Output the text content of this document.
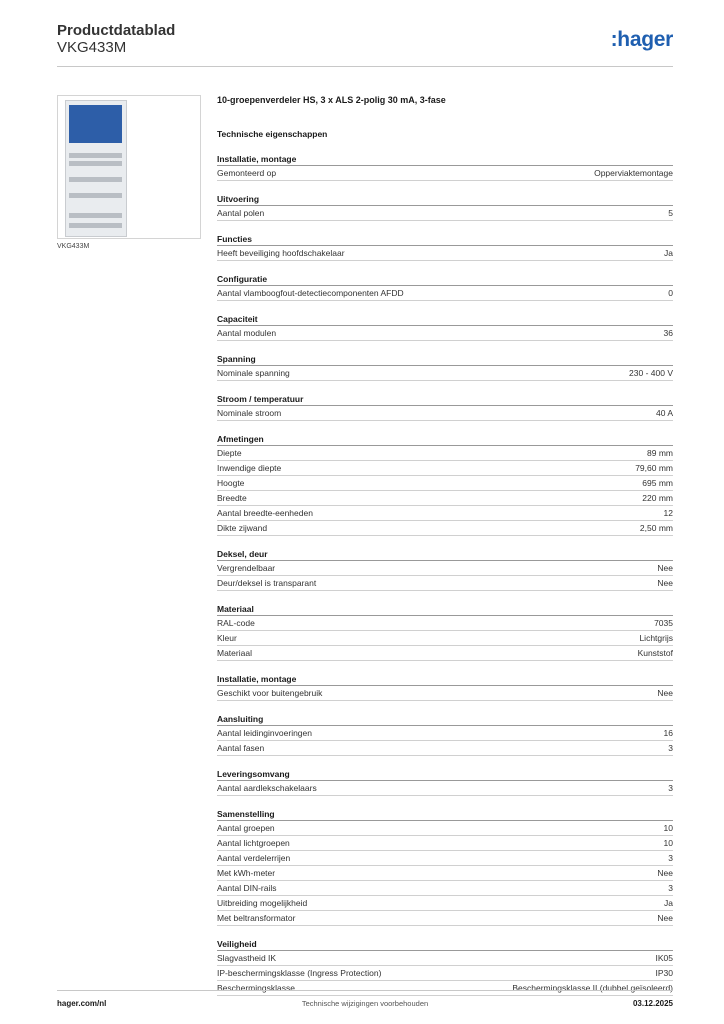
Productdatablad
VKG433M	:hager
VKG433M
10-groepenverdeler HS, 3 x ALS 2-polig 30 mA, 3-fase
Technische eigenschappen
Installatie, montage
Gemonteerd op	Opperviaktemontage
Uitvoering
Aantal polen	5
Functies
Heeft beveiliging hoofdschakelaar	Ja
Configuratie
Aantal vlamboogfout-detectiecomponenten AFDD	0
Capaciteit
Aantal modulen	36
Spanning
Nominale spanning	230 - 400 V
Stroom / temperatuur
Nominale stroom	40 A
Afmetingen
Diepte	89 mm
Inwendige diepte	79,60 mm
Hoogte	695 mm
Breedte	220 mm
Aantal breedte-eenheden	12
Dikte zijwand	2,50 mm
Deksel, deur
Vergrendelbaar	Nee
Deur/deksel is transparant	Nee
Materiaal
RAL-code	7035
Kleur	Lichtgrijs
Materiaal	Kunststof
Installatie, montage
Geschikt voor buitengebruik	Nee
Aansluiting
Aantal leidinginvoeringen	16
Aantal fasen	3
Leveringsomvang
Aantal aardlekschakelaars	3
Samenstelling
Aantal groepen	10
Aantal lichtgroepen	10
Aantal verdelerrijen	3
Met kWh-meter	Nee
Aantal DIN-rails	3
Uitbreiding mogelijkheid	Ja
Met beltransformator	Nee
Veiligheid
Slagvastheid IK	IK05
IP-beschermingsklasse (Ingress Protection)	IP30
Beschermingsklasse	Beschermingsklasse II (dubbel geïsoleerd)
hager.com/nl	Technische wijzigingen voorbehouden	03.12.2025
